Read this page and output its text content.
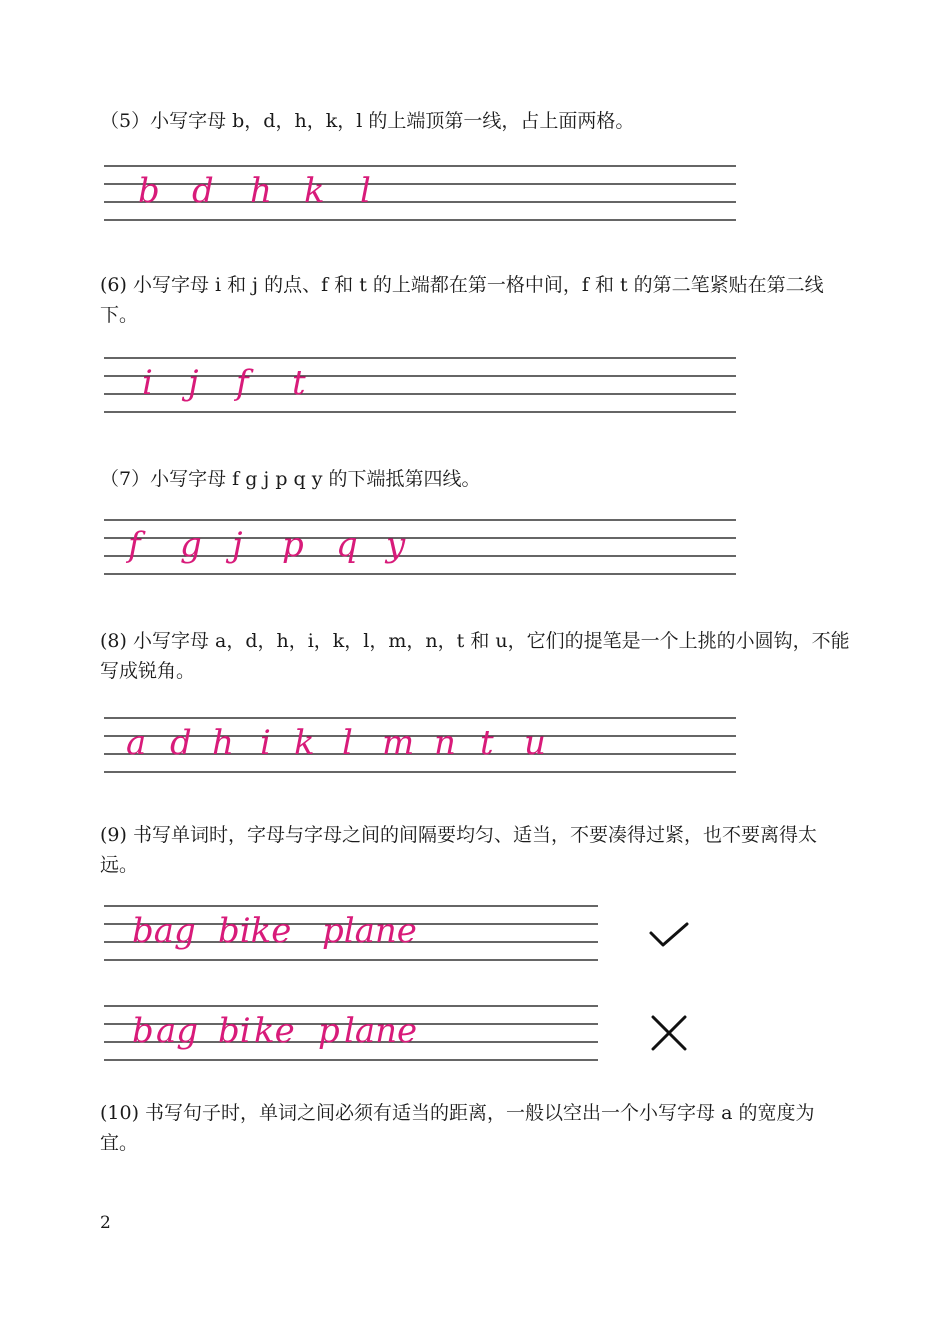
（5）小写字母 b，d，h，k，l 的上端顶第一线，占上面两格。

b d h k l

(6) 小写字母 i 和 j 的点、f 和 t 的上端都在第一格中间，f 和 t 的第二笔紧贴在第二线下。

i j f t

（7）小写字母 f g j p q y 的下端抵第四线。

f g j p q y

(8) 小写字母 a，d，h，i，k，l，m，n，t 和 u，它们的提笔是一个上挑的小圆钩，不能写成锐角。

a d h i k l m n t u

(9) 书写单词时，字母与字母之间的间隔要均匀、适当，不要凑得过紧，也不要离得太远。

bag bike plane
b ag bi ke p lane

(10) 书写句子时，单词之间必须有适当的距离，一般以空出一个小写字母 a 的宽度为宜。

2
